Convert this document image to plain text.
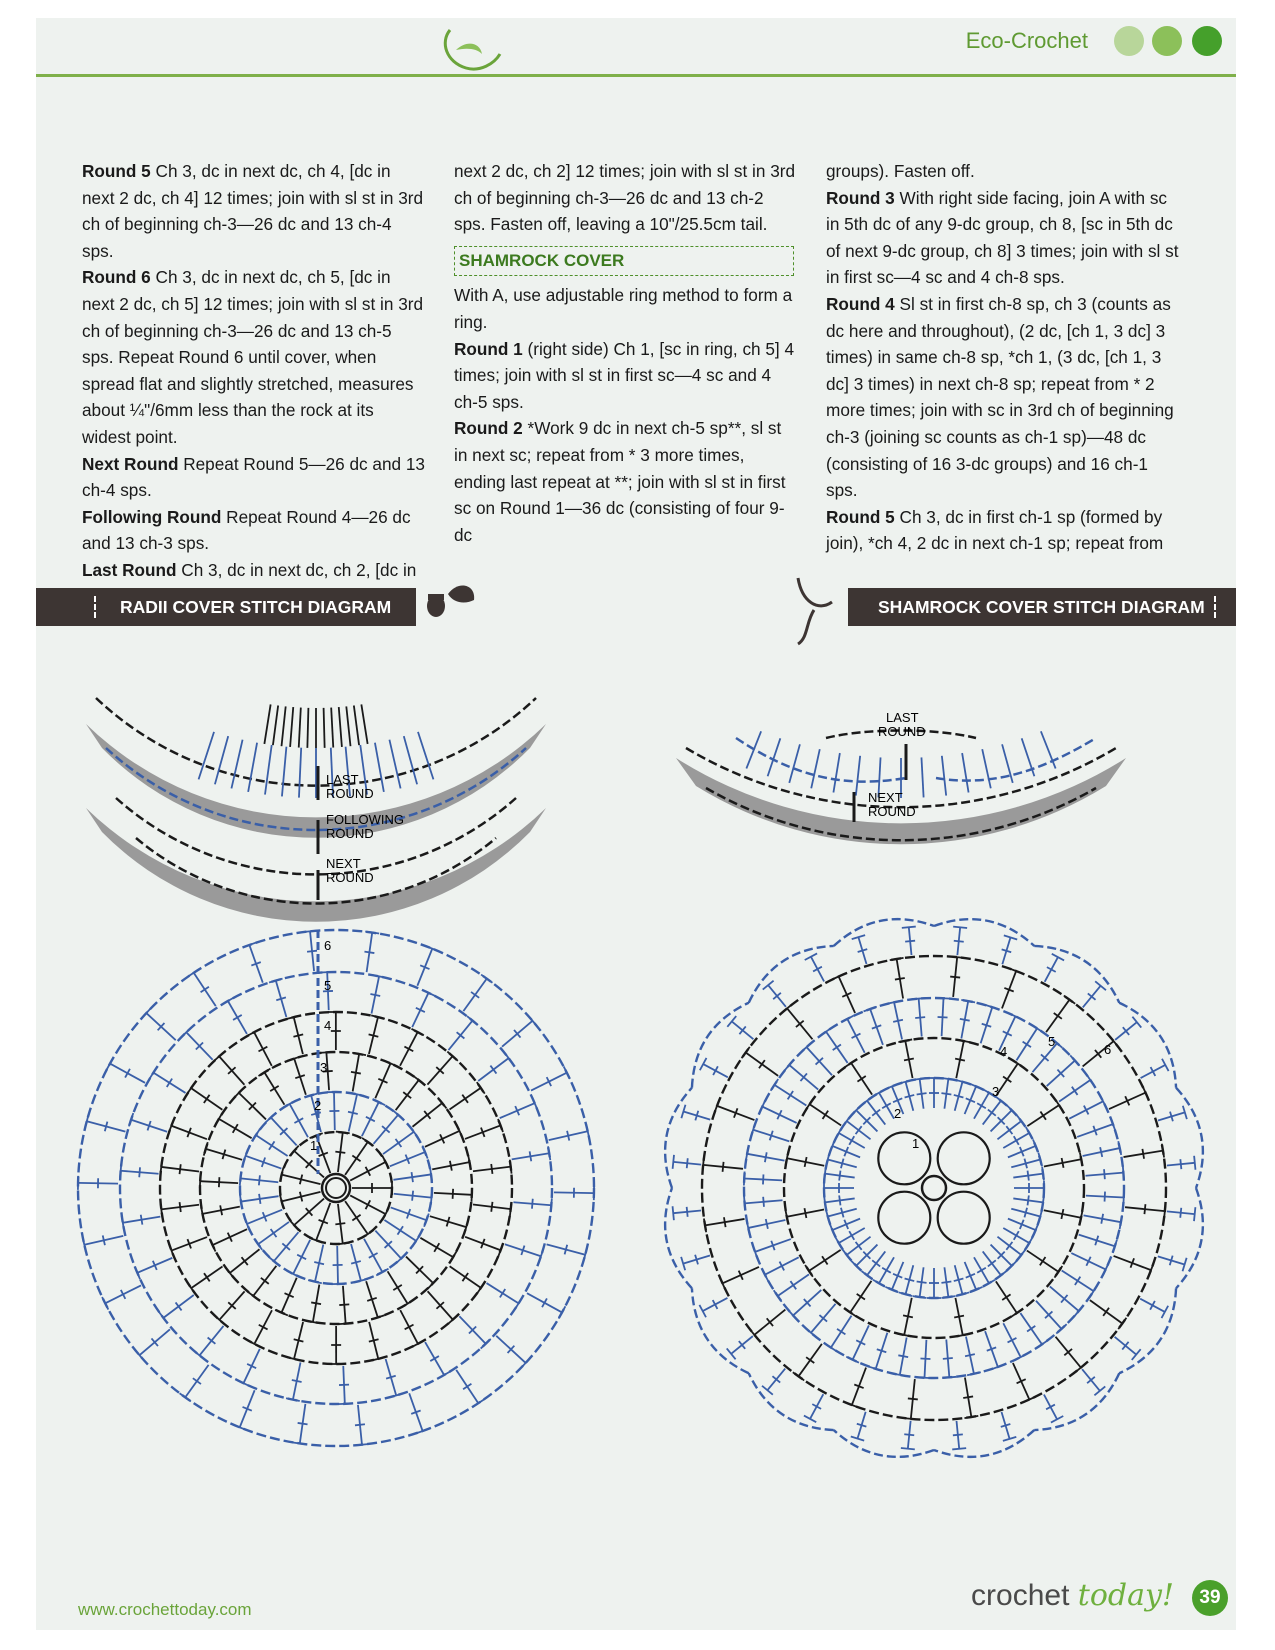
Eco-Crochet

Round 5 Ch 3, dc in next dc, ch 4, [dc in next 2 dc, ch 4] 12 times; join with sl st in 3rd ch of beginning ch-3—26 dc and 13 ch-4 sps.

Round 6 Ch 3, dc in next dc, ch 5, [dc in next 2 dc, ch 5] 12 times; join with sl st in 3rd ch of beginning ch-3—26 dc and 13 ch-5 sps. Repeat Round 6 until cover, when spread flat and slightly stretched, measures about ¼"/6mm less than the rock at its widest point.

Next Round Repeat Round 5—26 dc and 13 ch-4 sps.

Following Round Repeat Round 4—26 dc and 13 ch-3 sps.

Last Round Ch 3, dc in next dc, ch 2, [dc in

next 2 dc, ch 2] 12 times; join with sl st in 3rd ch of beginning ch-3—26 dc and 13 ch-2 sps. Fasten off, leaving a 10"/25.5cm tail.

SHAMROCK COVER

With A, use adjustable ring method to form a ring.

Round 1 (right side) Ch 1, [sc in ring, ch 5] 4 times; join with sl st in first sc—4 sc and 4 ch-5 sps.

Round 2 *Work 9 dc in next ch-5 sp**, sl st in next sc; repeat from * 3 more times, ending last repeat at **; join with sl st in first sc on Round 1—36 dc (consisting of four 9-dc

groups). Fasten off.

Round 3 With right side facing, join A with sc in 5th dc of any 9-dc group, ch 8, [sc in 5th dc of next 9-dc group, ch 8] 3 times; join with sl st in first sc—4 sc and 4 ch-8 sps.

Round 4 Sl st in first ch-8 sp, ch 3 (counts as dc here and throughout), (2 dc, [ch 1, 3 dc] 3 times) in same ch-8 sp, *ch 1, (3 dc, [ch 1, 3 dc] 3 times) in next ch-8 sp; repeat from * 2 more times; join with sc in 3rd ch of beginning ch-3 (joining sc counts as ch-1 sp)—48 dc (consisting of 16 3-dc groups) and 16 ch-1 sps.

Round 5 Ch 3, dc in first ch-1 sp (formed by join), *ch 4, 2 dc in next ch-1 sp; repeat from

RADII COVER STITCH DIAGRAM	SHAMROCK COVER STITCH DIAGRAM
LAST
ROUND
FOLLOWING
ROUND
NEXT
ROUND
6
5
4
3
2
1
LAST
ROUND
NEXT
ROUND
1
2
3
4
5
6
www.crochettoday.com	crochet today!	39
